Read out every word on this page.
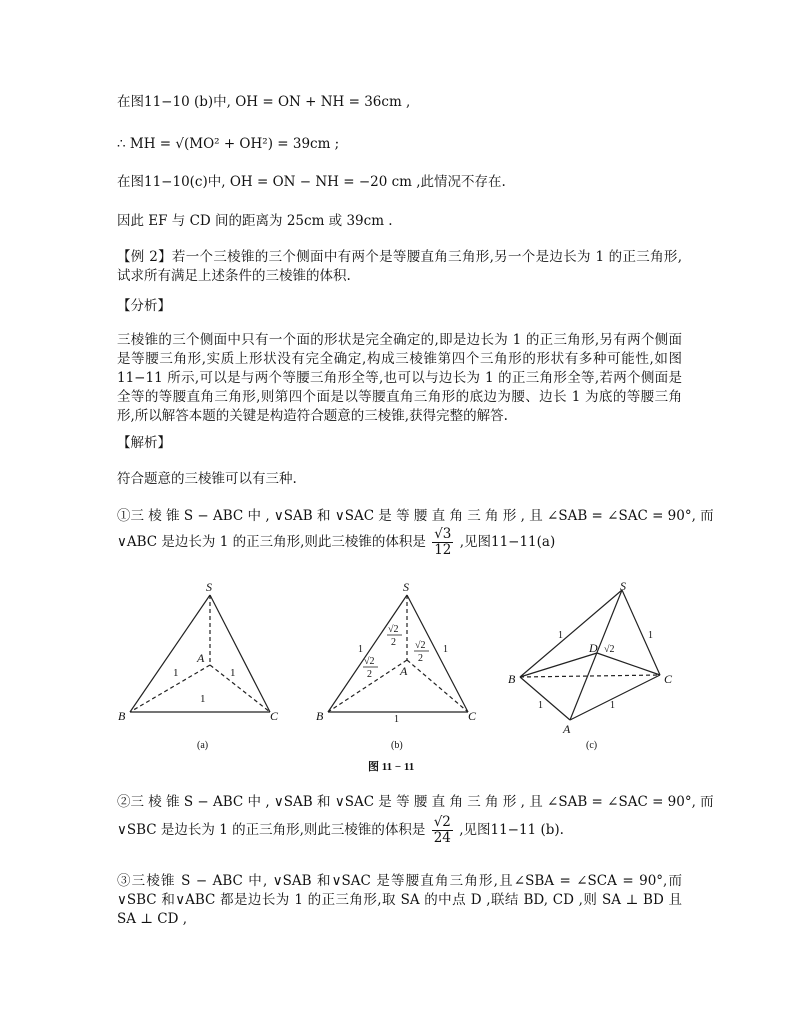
在图11−10 (b)中, OH = ON + NH = 36cm ,
∴ MH = √(MO² + OH²) = 39cm ;
在图11−10(c)中, OH = ON − NH = −20 cm ,此情况不存在.
因此 EF 与 CD 间的距离为 25cm 或 39cm .
【例 2】若一个三棱锥的三个侧面中有两个是等腰直角三角形,另一个是边长为 1 的正三角形,试求所有满足上述条件的三棱锥的体积.
【分析】
三棱锥的三个侧面中只有一个面的形状是完全确定的,即是边长为 1 的正三角形,另有两个侧面是等腰三角形,实质上形状没有完全确定,构成三棱锥第四个三角形的形状有多种可能性,如图 11−11 所示,可以是与两个等腰三角形全等,也可以与边长为 1 的正三角形全等,若两个侧面是全等的等腰直角三角形,则第四个面是以等腰直角三角形的底边为腰、边长 1 为底的等腰三角形,所以解答本题的关键是构造符合题意的三棱锥,获得完整的解答.
【解析】
符合题意的三棱锥可以有三种.
①三 棱 锥 S − ABC 中 , ∨SAB 和 ∨SAC 是 等 腰 直 角 三 角 形 , 且 ∠SAB = ∠SAC = 90°, 而
∨ABC 是边长为 1 的正三角形,则此三棱锥的体积是 $\frac{√3}{12}$ ,见图11−11(a)
S
A
B	C
1	1
1
(a)
S
A
B	C
1	1
√2
2 √2
2
√2
2
1
(b)
S
D
A
B	C
1	1
√2
1	1
(c)
图 11 − 11
②三 棱 锥 S − ABC 中 , ∨SAB 和 ∨SAC 是 等 腰 直 角 三 角 形 , 且 ∠SAB = ∠SAC = 90°, 而
∨SBC 是边长为 1 的正三角形,则此三棱锥的体积是 $\frac{√2}{24}$ ,见图11−11 (b).
③三棱锥 S − ABC 中, ∨SAB 和∨SAC 是等腰直角三角形,且∠SBA = ∠SCA = 90°,而∨SBC 和∨ABC 都是边长为 1 的正三角形,取 SA 的中点 D ,联结 BD, CD ,则 SA ⊥ BD 且 SA ⊥ CD ,
